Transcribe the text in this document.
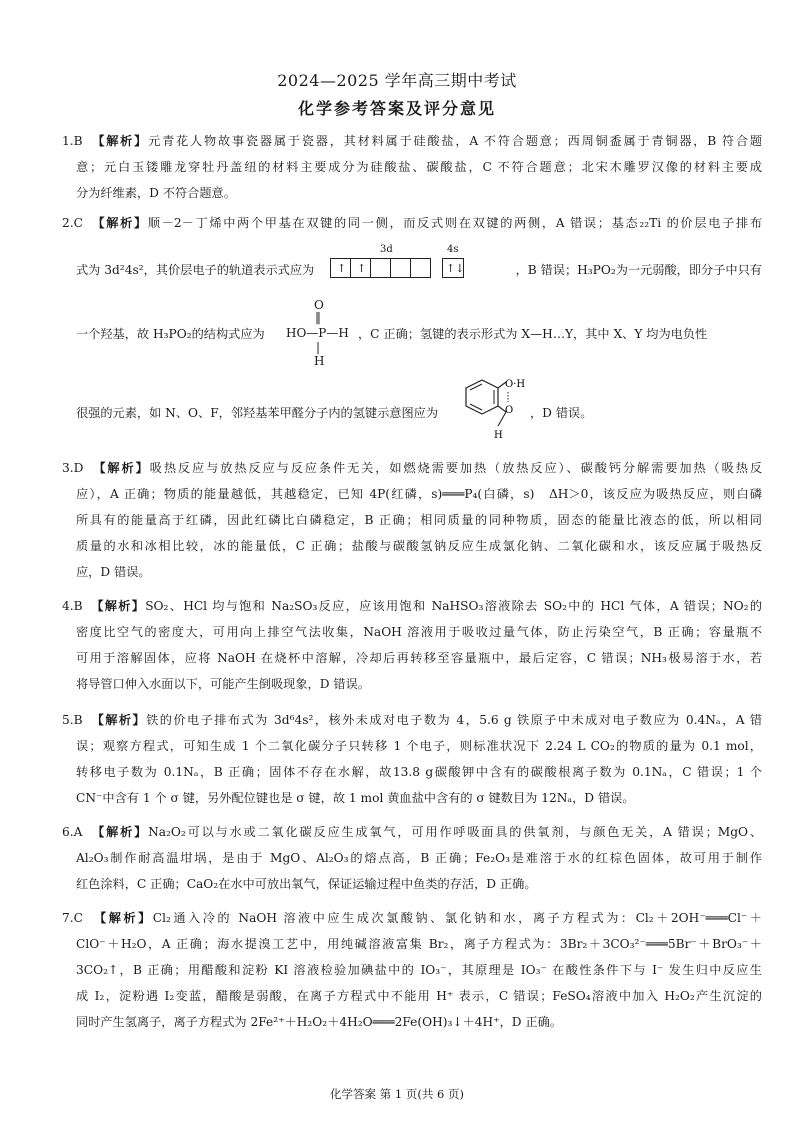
2024—2025 学年高三期中考试
化学参考答案及评分意见
1.B　 【解析】元青花人物故事瓷器属于瓷器，其材料属于硅酸盐，A 不符合题意；西周铜盉属于青铜器，B 符合题
意；元白玉镂雕龙穿牡丹盖纽的材料主要成分为硅酸盐、碳酸盐，C 不符合题意；北宋木雕罗汉像的材料主要成
分为纤维素，D 不符合题意。
2.C　 【解析】顺－2－丁烯中两个甲基在双键的同一侧，而反式则在双键的两侧，A 错误；基态₂₂Ti 的价层电子排布
式为 3d²4s²，其价层电子的轨道表示式应为
3d	4s
↑ ↑	↑↓	，B 错误；H₃PO₂为一元弱酸，即分子中只有
一个羟基，故 H₃PO₂的结构式应为
O
‖
HO—P—H
|
H
，C 正确；氢键的表示形式为 X—H…Y，其中 X、Y 均为电负性
很强的元素，如 N、O、F，邻羟基苯甲醛分子内的氢键示意图应为
O·H
O
H
，D 错误。
3.D　 【解析】吸热反应与放热反应与反应条件无关，如燃烧需要加热（放热反应）、碳酸钙分解需要加热（吸热反
应），A 正确；物质的能量越低，其越稳定，已知 4P(红磷，s)═══P₄(白磷，s)　ΔH＞0，该反应为吸热反应，则白磷
所具有的能量高于红磷，因此红磷比白磷稳定，B 正确；相同质量的同种物质，固态的能量比液态的低，所以相同
质量的水和冰相比较，冰的能量低，C 正确；盐酸与碳酸氢钠反应生成氯化钠、二氧化碳和水，该反应属于吸热反
应，D 错误。
4.B　 【解析】SO₂、HCl 均与饱和 Na₂SO₃反应，应该用饱和 NaHSO₃溶液除去 SO₂中的 HCl 气体，A 错误；NO₂的
密度比空气的密度大，可用向上排空气法收集，NaOH 溶液用于吸收过量气体，防止污染空气，B 正确；容量瓶不
可用于溶解固体，应将 NaOH 在烧杯中溶解，冷却后再转移至容量瓶中，最后定容，C 错误；NH₃极易溶于水，若
将导管口伸入水面以下，可能产生倒吸现象，D 错误。
5.B　 【解析】铁的价电子排布式为 3d⁶4s²，核外未成对电子数为 4，5.6 g 铁原子中未成对电子数应为 0.4Nₐ，A 错
误；观察方程式，可知生成 1 个二氧化碳分子只转移 1 个电子，则标准状况下 2.24 L CO₂的物质的量为 0.1 mol，
转移电子数为 0.1Nₐ，B 正确；固体不存在水解，故13.8 g碳酸钾中含有的碳酸根离子数为 0.1Nₐ，C 错误；1 个
CN⁻中含有 1 个 σ 键，另外配位键也是 σ 键，故 1 mol 黄血盐中含有的 σ 键数目为 12Nₐ，D 错误。
6.A　 【解析】Na₂O₂可以与水或二氧化碳反应生成氧气，可用作呼吸面具的供氧剂，与颜色无关，A 错误；MgO、
Al₂O₃制作耐高温坩埚，是由于 MgO、Al₂O₃的熔点高，B 正确；Fe₂O₃是难溶于水的红棕色固体，故可用于制作
红色涂料，C 正确；CaO₂在水中可放出氧气，保证运输过程中鱼类的存活，D 正确。
7.C　 【解析】Cl₂通入冷的 NaOH 溶液中应生成次氯酸钠、氯化钠和水，离子方程式为：Cl₂＋2OH⁻═══Cl⁻＋
ClO⁻＋H₂O，A 正确；海水提溴工艺中，用纯碱溶液富集 Br₂，离子方程式为：3Br₂＋3CO₃²⁻═══5Br⁻＋BrO₃⁻＋
3CO₂↑，B 正确；用醋酸和淀粉 KI 溶液检验加碘盐中的 IO₃⁻，其原理是 IO₃⁻ 在酸性条件下与 I⁻ 发生归中反应生
成 I₂，淀粉遇 I₂变蓝，醋酸是弱酸，在离子方程式中不能用 H⁺ 表示，C 错误；FeSO₄溶液中加入 H₂O₂产生沉淀的
同时产生氢离子，离子方程式为 2Fe²⁺＋H₂O₂＋4H₂O═══2Fe(OH)₃↓＋4H⁺，D 正确。
化学答案 第 1 页(共 6 页)
